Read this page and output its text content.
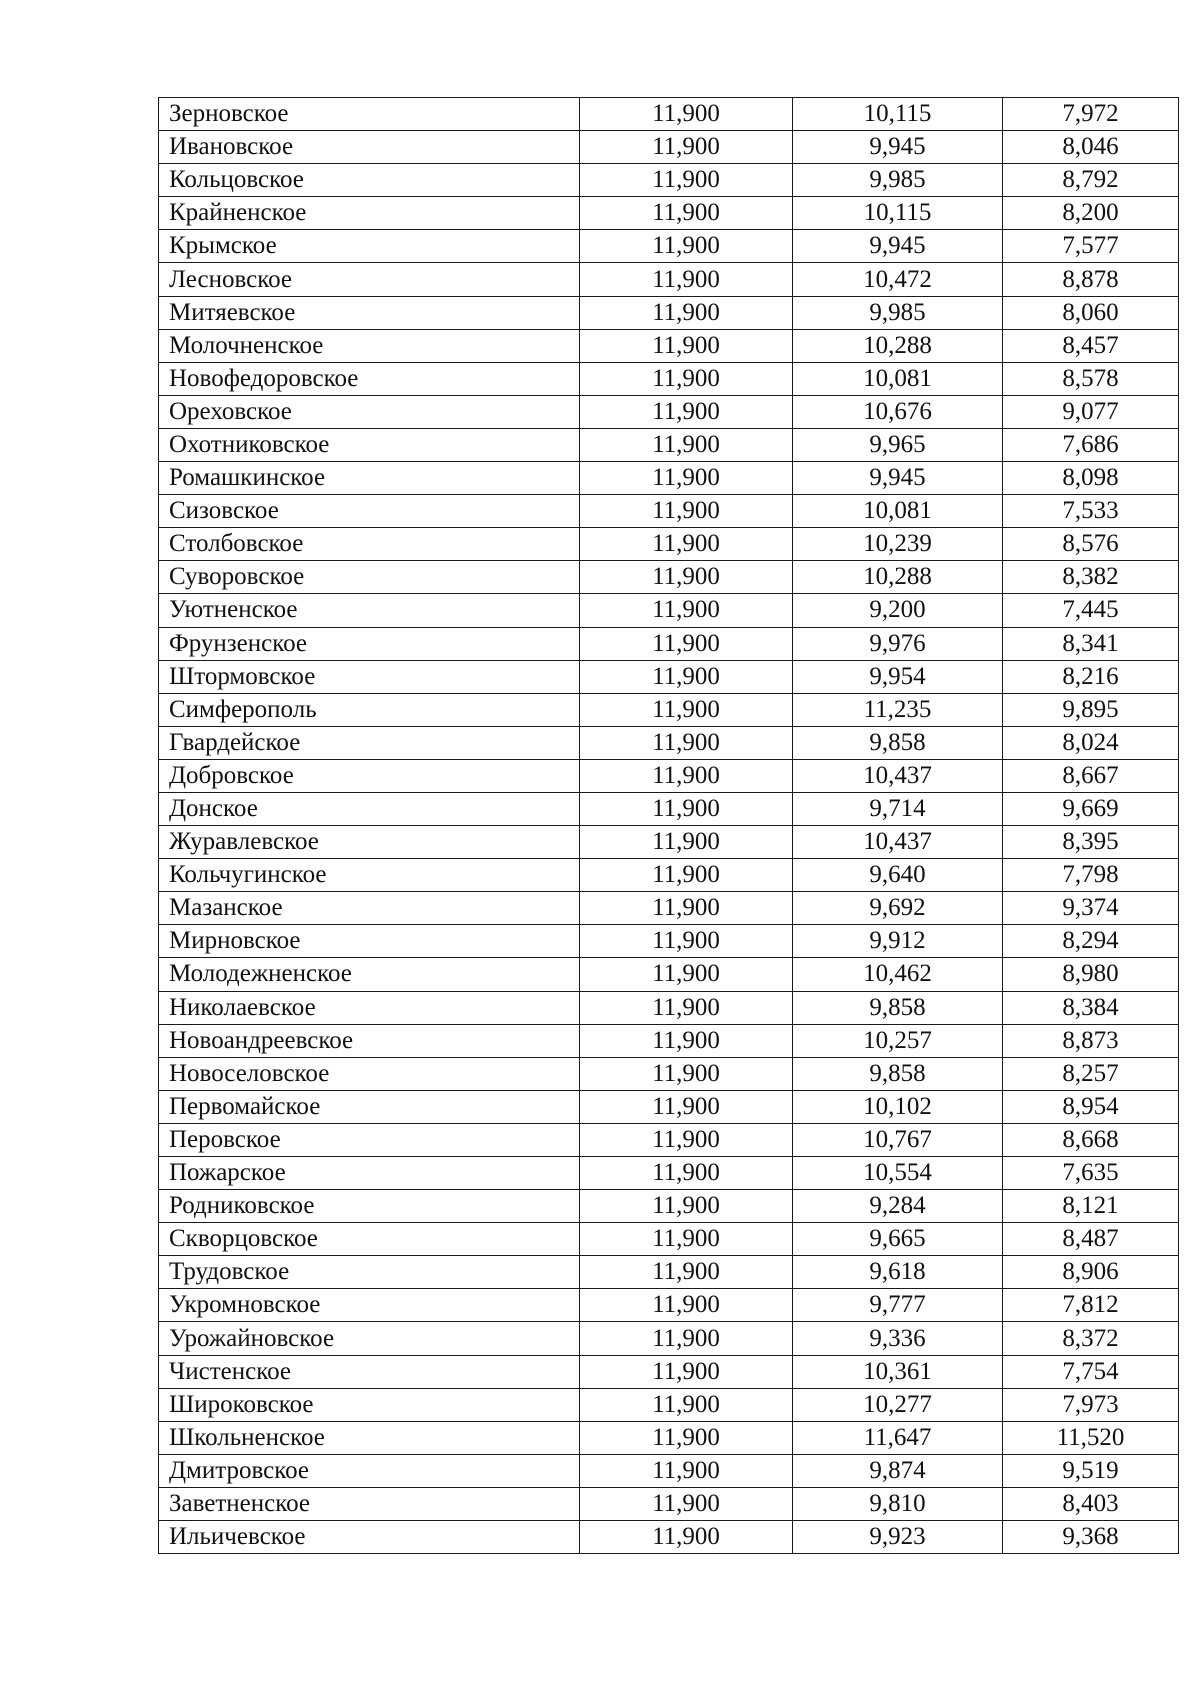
Зерновское	11,900	10,115	7,972
Ивановское	11,900	9,945	8,046
Кольцовское	11,900	9,985	8,792
Крайненское	11,900	10,115	8,200
Крымское	11,900	9,945	7,577
Лесновское	11,900	10,472	8,878
Митяевское	11,900	9,985	8,060
Молочненское	11,900	10,288	8,457
Новофедоровское	11,900	10,081	8,578
Ореховское	11,900	10,676	9,077
Охотниковское	11,900	9,965	7,686
Ромашкинское	11,900	9,945	8,098
Сизовское	11,900	10,081	7,533
Столбовское	11,900	10,239	8,576
Суворовское	11,900	10,288	8,382
Уютненское	11,900	9,200	7,445
Фрунзенское	11,900	9,976	8,341
Штормовское	11,900	9,954	8,216
Симферополь	11,900	11,235	9,895
Гвардейское	11,900	9,858	8,024
Добровское	11,900	10,437	8,667
Донское	11,900	9,714	9,669
Журавлевское	11,900	10,437	8,395
Кольчугинское	11,900	9,640	7,798
Мазанское	11,900	9,692	9,374
Мирновское	11,900	9,912	8,294
Молодежненское	11,900	10,462	8,980
Николаевское	11,900	9,858	8,384
Новоандреевское	11,900	10,257	8,873
Новоселовское	11,900	9,858	8,257
Первомайское	11,900	10,102	8,954
Перовское	11,900	10,767	8,668
Пожарское	11,900	10,554	7,635
Родниковское	11,900	9,284	8,121
Скворцовское	11,900	9,665	8,487
Трудовское	11,900	9,618	8,906
Укромновское	11,900	9,777	7,812
Урожайновское	11,900	9,336	8,372
Чистенское	11,900	10,361	7,754
Широковское	11,900	10,277	7,973
Школьненское	11,900	11,647	11,520
Дмитровское	11,900	9,874	9,519
Заветненское	11,900	9,810	8,403
Ильичевское	11,900	9,923	9,368
